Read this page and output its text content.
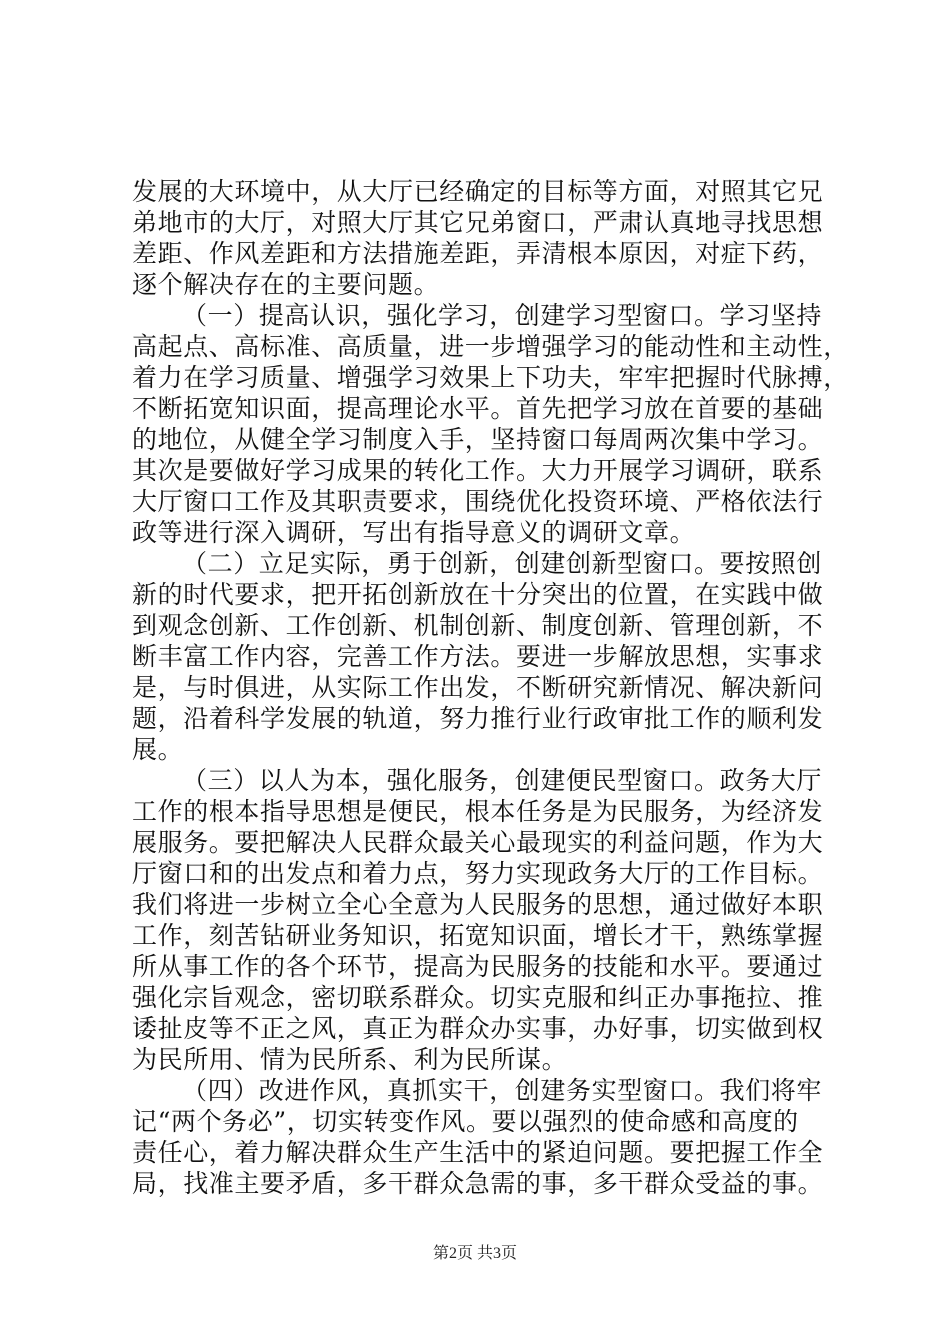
发展的大环境中，从大厅已经确定的目标等方面，对照其它兄
弟地市的大厅，对照大厅其它兄弟窗口，严肃认真地寻找思想
差距、作风差距和方法措施差距，弄清根本原因，对症下药，
逐个解决存在的主要问题。
（一）提高认识，强化学习，创建学习型窗口。学习坚持
高起点、高标准、高质量，进一步增强学习的能动性和主动性，
着力在学习质量、增强学习效果上下功夫，牢牢把握时代脉搏，
不断拓宽知识面，提高理论水平。首先把学习放在首要的基础
的地位，从健全学习制度入手，坚持窗口每周两次集中学习。
其次是要做好学习成果的转化工作。大力开展学习调研，联系
大厅窗口工作及其职责要求，围绕优化投资环境、严格依法行
政等进行深入调研，写出有指导意义的调研文章。
（二）立足实际，勇于创新，创建创新型窗口。要按照创
新的时代要求，把开拓创新放在十分突出的位置，在实践中做
到观念创新、工作创新、机制创新、制度创新、管理创新，不
断丰富工作内容，完善工作方法。要进一步解放思想，实事求
是，与时俱进，从实际工作出发，不断研究新情况、解决新问
题，沿着科学发展的轨道，努力推行业行政审批工作的顺利发
展。
（三）以人为本，强化服务，创建便民型窗口。政务大厅
工作的根本指导思想是便民，根本任务是为民服务，为经济发
展服务。要把解决人民群众最关心最现实的利益问题，作为大
厅窗口和的出发点和着力点，努力实现政务大厅的工作目标。
我们将进一步树立全心全意为人民服务的思想，通过做好本职
工作，刻苦钻研业务知识，拓宽知识面，增长才干，熟练掌握
所从事工作的各个环节，提高为民服务的技能和水平。要通过
强化宗旨观念，密切联系群众。切实克服和纠正办事拖拉、推
诿扯皮等不正之风，真正为群众办实事，办好事，切实做到权
为民所用、情为民所系、利为民所谋。
（四）改进作风，真抓实干，创建务实型窗口。我们将牢
记“两个务必”，切实转变作风。要以强烈的使命感和高度的
责任心，着力解决群众生产生活中的紧迫问题。要把握工作全
局，找准主要矛盾，多干群众急需的事，多干群众受益的事。
第2页 共3页
